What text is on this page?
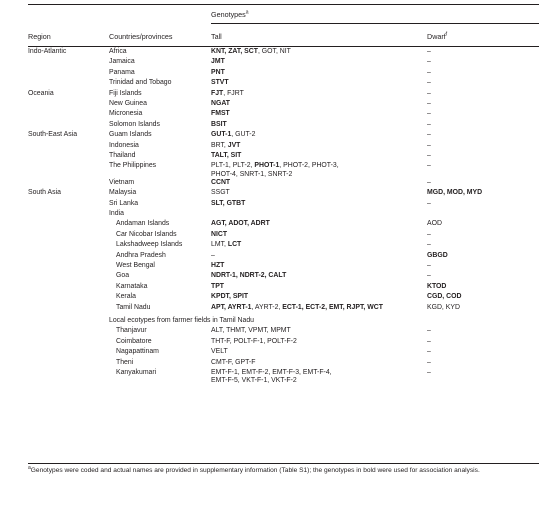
Genotypes$^a$
Region	Countries/provinces	Tall	Dwarf$^f$
Indo-Atlantic	Africa	KNT, ZAT, SCT, GOT, NIT	–

	Jamaica	JMT	–

	Panama	PNT	–

	Trinidad and Tobago	STVT	–

Oceania	Fiji Islands	FJT, FJRT	–

	New Guinea	NGAT	–

	Micronesia	FMST	–

	Solomon Islands	BSIT	–

South-East Asia	Guam Islands	GUT-1, GUT-2	–

	Indonesia	BRT, JVT	–

	Thailand	TALT, SIT	–

	The Philippines	PLT-1, PLT-2, PHOT-1, PHOT-2, PHOT-3,
PHOT-4, SNRT-1, SNRT-2	–

	Vietnam	CCNT	–

South Asia	Malaysia	SSGT	MGD, MOD, MYD

	Sri Lanka	SLT, GTBT	–

	India		
	Andaman Islands	AGT, ADOT, ADRT	AOD

	Car Nicobar Islands	NICT	–

	Lakshadweep Islands	LMT, LCT	–

	Andhra Pradesh	–	GBGD

	West Bengal	HZT	–

	Goa	NDRT-1, NDRT-2, CALT	–

	Karnataka	TPT	KTOD

	Kerala	KPDT, SPIT	CGD, COD

	Tamil Nadu	APT, AYRT-1, AYRT-2, ECT-1, ECT-2, EMT, RJPT, WCT	KGD, KYD

	Local ecotypes from farmer fields in Tamil Nadu		
	Thanjavur	ALT, THMT, VPMT, MPMT	–

	Coimbatore	THT-F, POLT-F-1, POLT-F-2	–

	Nagapattinam	VELT	–

	Theni	CMT-F, GPT-F	–

	Kanyakumari	EMT-F-1, EMT-F-2, EMT-F-3, EMT-F-4,
EMT-F-5, VKT-F-1, VKT-F-2	–
$^a$Genotypes were coded and actual names are provided in supplementary information (Table S1); the genotypes in bold were used for association analysis.
